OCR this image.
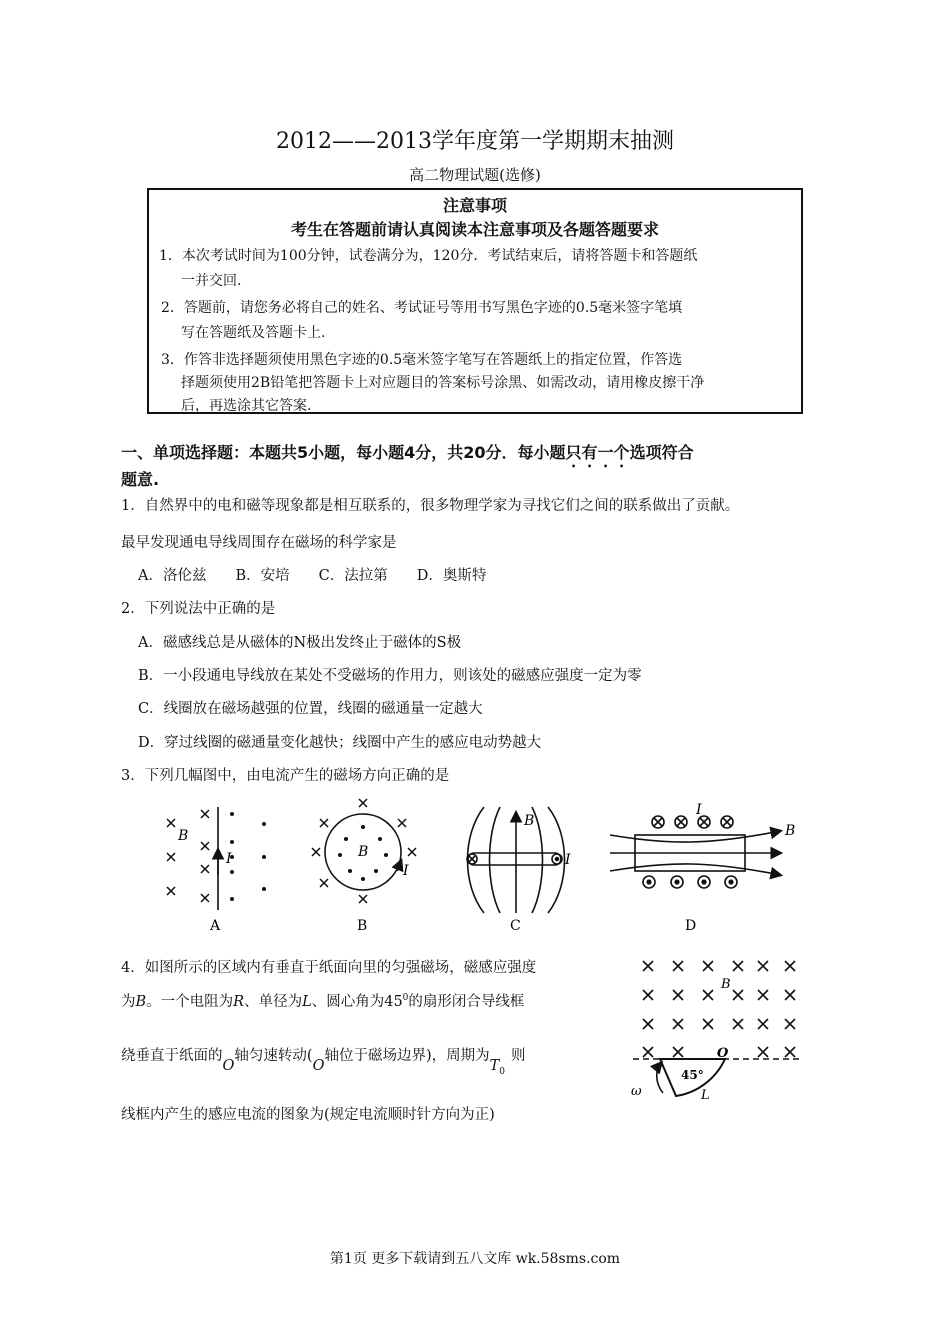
2012——2013学年度第一学期期末抽测
高二物理试题(选修)
注意事项
考生在答题前请认真阅读本注意事项及各题答题要求
1．本次考试时间为100分钟，试卷满分为，120分．考试结束后，请将答题卡和答题纸
一并交回.
2．答题前，请您务必将自己的姓名、考试证号等用书写黑色字迹的0.5毫米签字笔填
写在答题纸及答题卡上.
3．作答非选择题须使用黑色字迹的0.5毫米签字笔写在答题纸上的指定位置，作答选
择题须使用2B铅笔把答题卡上对应题目的答案标号涂黑、如需改动，请用橡皮擦干净
后，再选涂其它答案.
一、单项选择题：本题共5小题，每小题4分，共20分．每小题只有一个选项符合
题意.
1．自然界中的电和磁等现象都是相互联系的，很多物理学家为寻找它们之间的联系做出了贡献。
最早发现通电导线周围存在磁场的科学家是
A．洛伦兹　　B．安培　　C．法拉第　　D．奥斯特
2．下列说法中正确的是
A．磁感线总是从磁体的N极出发终止于磁体的S极
B．一小段通电导线放在某处不受磁场的作用力，则该处的磁感应强度一定为零
C．线圈放在磁场越强的位置，线圈的磁通量一定越大
D．穿过线圈的磁通量变化越快；线圈中产生的感应电动势越大
3．下列几幅图中，由电流产生的磁场方向正确的是
B
I
A
B
I
B
B
I
C
I
B
D
4．如图所示的区域内有垂直于纸面向里的匀强磁场，磁感应强度
为B。一个电阻为R、单径为L、圆心角为$45^0$的扇形闭合导线框
绕垂直于纸面的O轴匀速转动(O轴位于磁场边界)，周期为$T_0$则
线框内产生的感应电流的图象为(规定电流顺时针方向为正)
B
O
45°
L
ω
第1页 更多下载请到五八文库 wk.58sms.com
